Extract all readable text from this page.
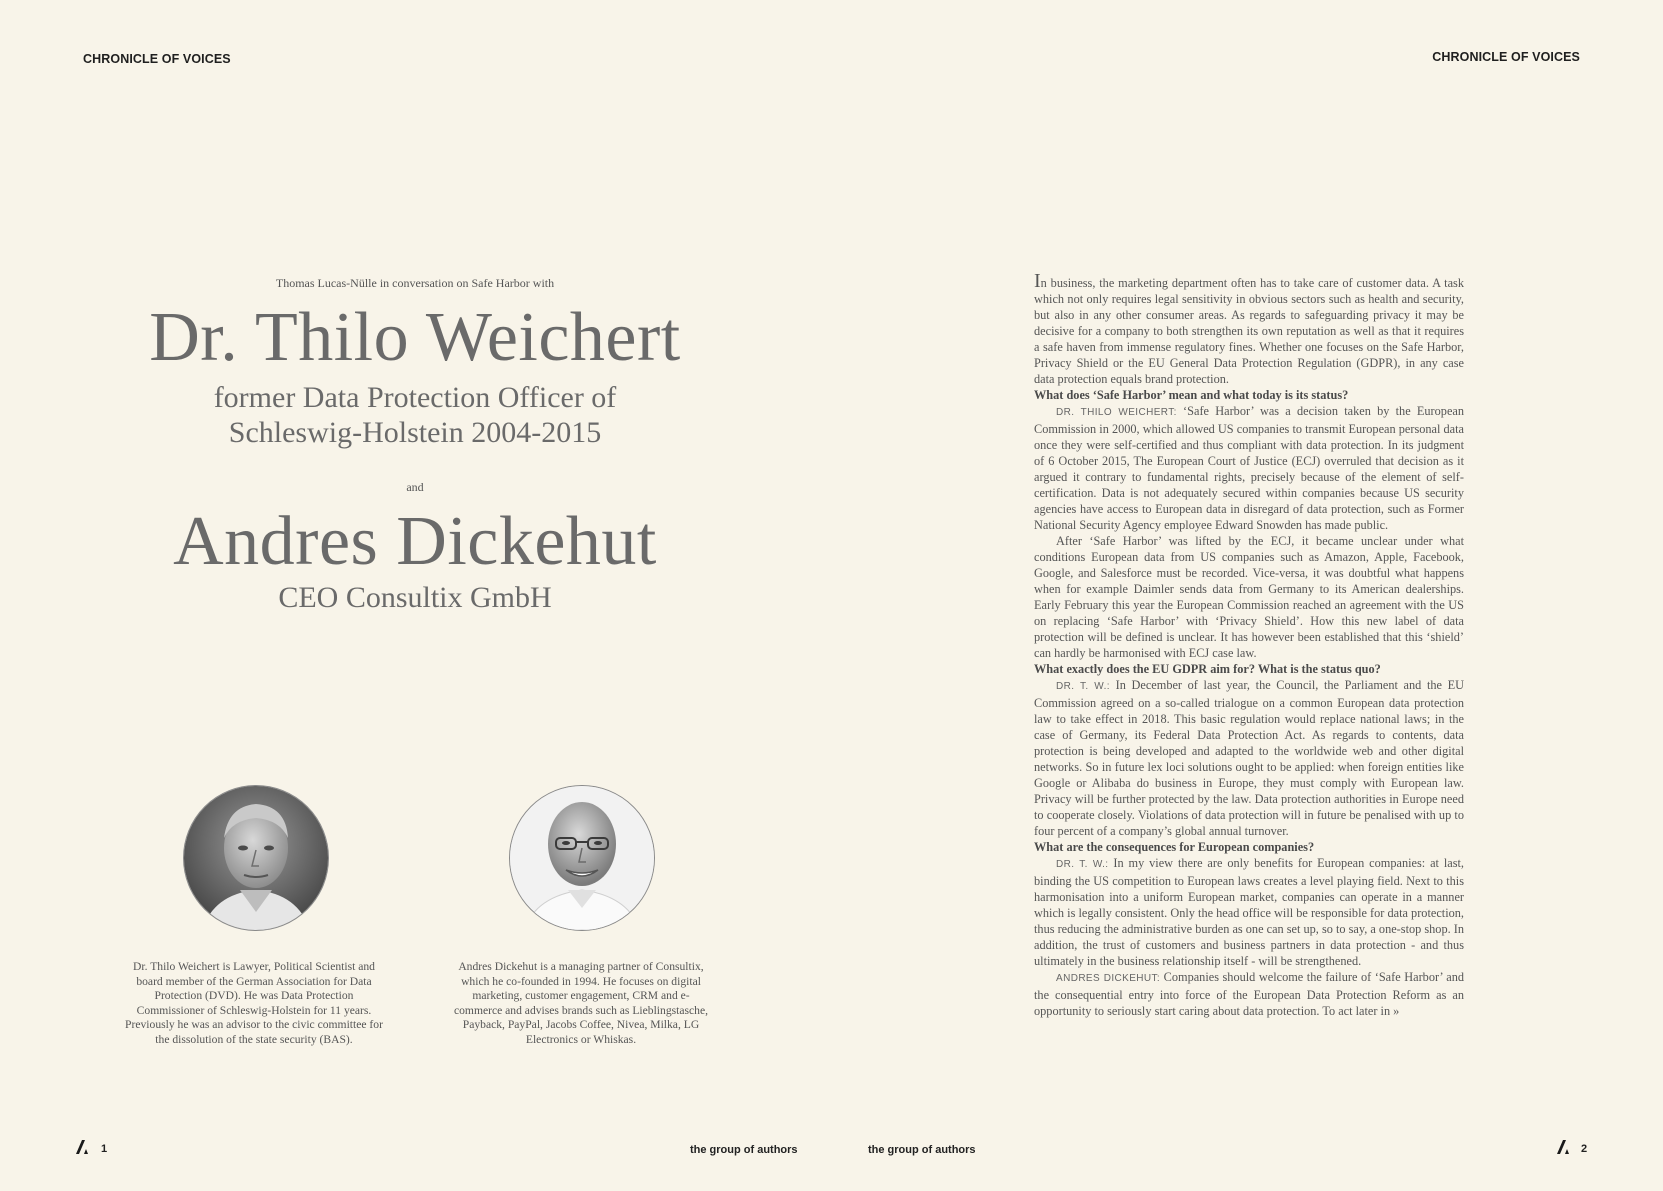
CHRONICLE OF VOICES	CHRONICLE OF VOICES
Thomas Lucas-Nülle in conversation on Safe Harbor with
Dr. Thilo Weichert
former Data Protection Officer of
Schleswig-Holstein 2004-2015
and
Andres Dickehut
CEO Consultix GmbH
Dr. Thilo Weichert is Lawyer, Political Scientist and board member of the German Association for Data Protection (DVD). He was Data Protection Commissioner of Schleswig-Holstein for 11 years. Previously he was an advisor to the civic committee for the dissolution of the state security (BAS).
Andres Dickehut is a managing partner of Consultix, which he co-founded in 1994. He focuses on digital marketing, customer engagement, CRM and e-commerce and advises brands such as Lieblingstasche, Payback, PayPal, Jacobs Coffee, Nivea, Milka, LG Electronics or Whiskas.

In business, the marketing department often has to take care of customer data. A task which not only requires legal sensitivity in obvious sectors such as health and security, but also in any other consumer areas. As regards to safeguarding privacy it may be decisive for a company to both strengthen its own reputation as well as that it requires a safe haven from immense regulatory fines. Whether one focuses on the Safe Harbor, Privacy Shield or the EU General Data Protection Regulation (GDPR), in any case data protection equals brand protection.

What does ‘Safe Harbor’ mean and what today is its status?

DR. THILO WEICHERT: ‘Safe Harbor’ was a decision taken by the European Commission in 2000, which allowed US companies to transmit European personal data once they were self-certified and thus compliant with data protection. In its judgment of 6 October 2015, The European Court of Justice (ECJ) overruled that decision as it argued it contrary to fundamental rights, precisely because of the element of self-certification. Data is not adequately secured within companies because US security agencies have access to European data in disregard of data protection, such as Former National Security Agency employee Edward Snowden has made public.

After ‘Safe Harbor’ was lifted by the ECJ, it became unclear under what conditions European data from US companies such as Amazon, Apple, Facebook, Google, and Salesforce must be recorded. Vice-versa, it was doubtful what happens when for example Daimler sends data from Germany to its American dealerships. Early February this year the European Commission reached an agreement with the US on replacing ‘Safe Harbor’ with ‘Privacy Shield’. How this new label of data protection will be defined is unclear. It has however been established that this ‘shield’ can hardly be harmonised with ECJ case law.

What exactly does the EU GDPR aim for? What is the status quo?

DR. T. W.: In December of last year, the Council, the Parliament and the EU Commission agreed on a so-called trialogue on a common European data protection law to take effect in 2018. This basic regulation would replace national laws; in the case of Germany, its Federal Data Protection Act. As regards to contents, data protection is being developed and adapted to the worldwide web and other digital networks. So in future lex loci solutions ought to be applied: when foreign entities like Google or Alibaba do business in Europe, they must comply with European law. Privacy will be further protected by the law. Data protection authorities in Europe need to cooperate closely. Violations of data protection will in future be penalised with up to four percent of a company’s global annual turnover.

What are the consequences for European companies?

DR. T. W.: In my view there are only benefits for European companies: at last, binding the US competition to European laws creates a level playing field. Next to this harmonisation into a uniform European market, companies can operate in a manner which is legally consistent. Only the head office will be responsible for data protection, thus reducing the administrative burden as one can set up, so to say, a one-stop shop. In addition, the trust of customers and business partners in data protection - and thus ultimately in the business relationship itself - will be strengthened.

ANDRES DICKEHUT: Companies should welcome the failure of ‘Safe Harbor’ and the consequential entry into force of the European Data Protection Reform as an opportunity to seriously start caring about data protection. To act later in »

1	the group of authors	the group of authors	2
